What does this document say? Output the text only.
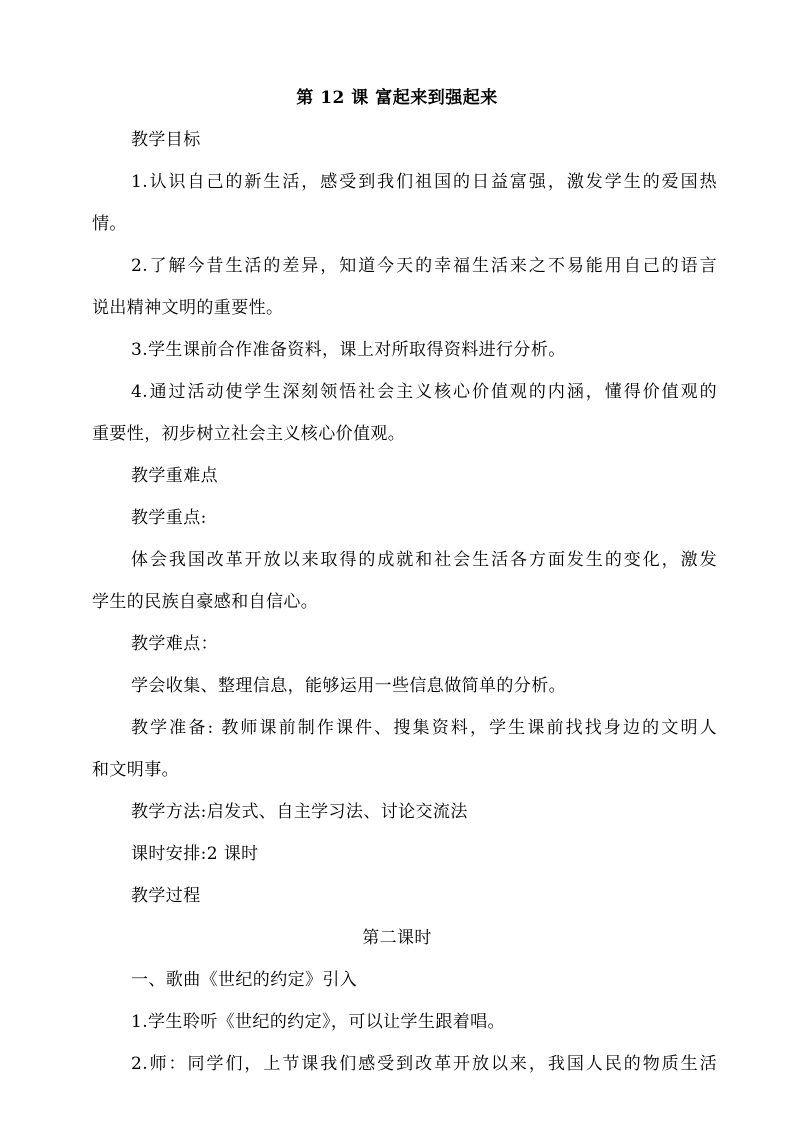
第 12 课 富起来到强起来
教学目标
1.认识自己的新生活，感受到我们祖国的日益富强，激发学生的爱国热
情。
2.了解今昔生活的差异，知道今天的幸福生活来之不易能用自己的语言
说出精神文明的重要性。
3.学生课前合作准备资料，课上对所取得资料进行分析。
4.通过活动使学生深刻领悟社会主义核心价值观的内涵，懂得价值观的
重要性，初步树立社会主义核心价值观。
教学重难点
教学重点:
体会我国改革开放以来取得的成就和社会生活各方面发生的变化，激发
学生的民族自豪感和自信心。
教学难点：
学会收集、整理信息，能够运用一些信息做简单的分析。
教学准备: 教师课前制作课件、搜集资料，学生课前找找身边的文明人
和文明事。
教学方法:启发式、自主学习法、讨论交流法
课时安排:2 课时
教学过程
第二课时
一、歌曲《世纪的约定》引入
1.学生聆听《世纪的约定》，可以让学生跟着唱。
2.师：同学们，上节课我们感受到改革开放以来，我国人民的物质生活
